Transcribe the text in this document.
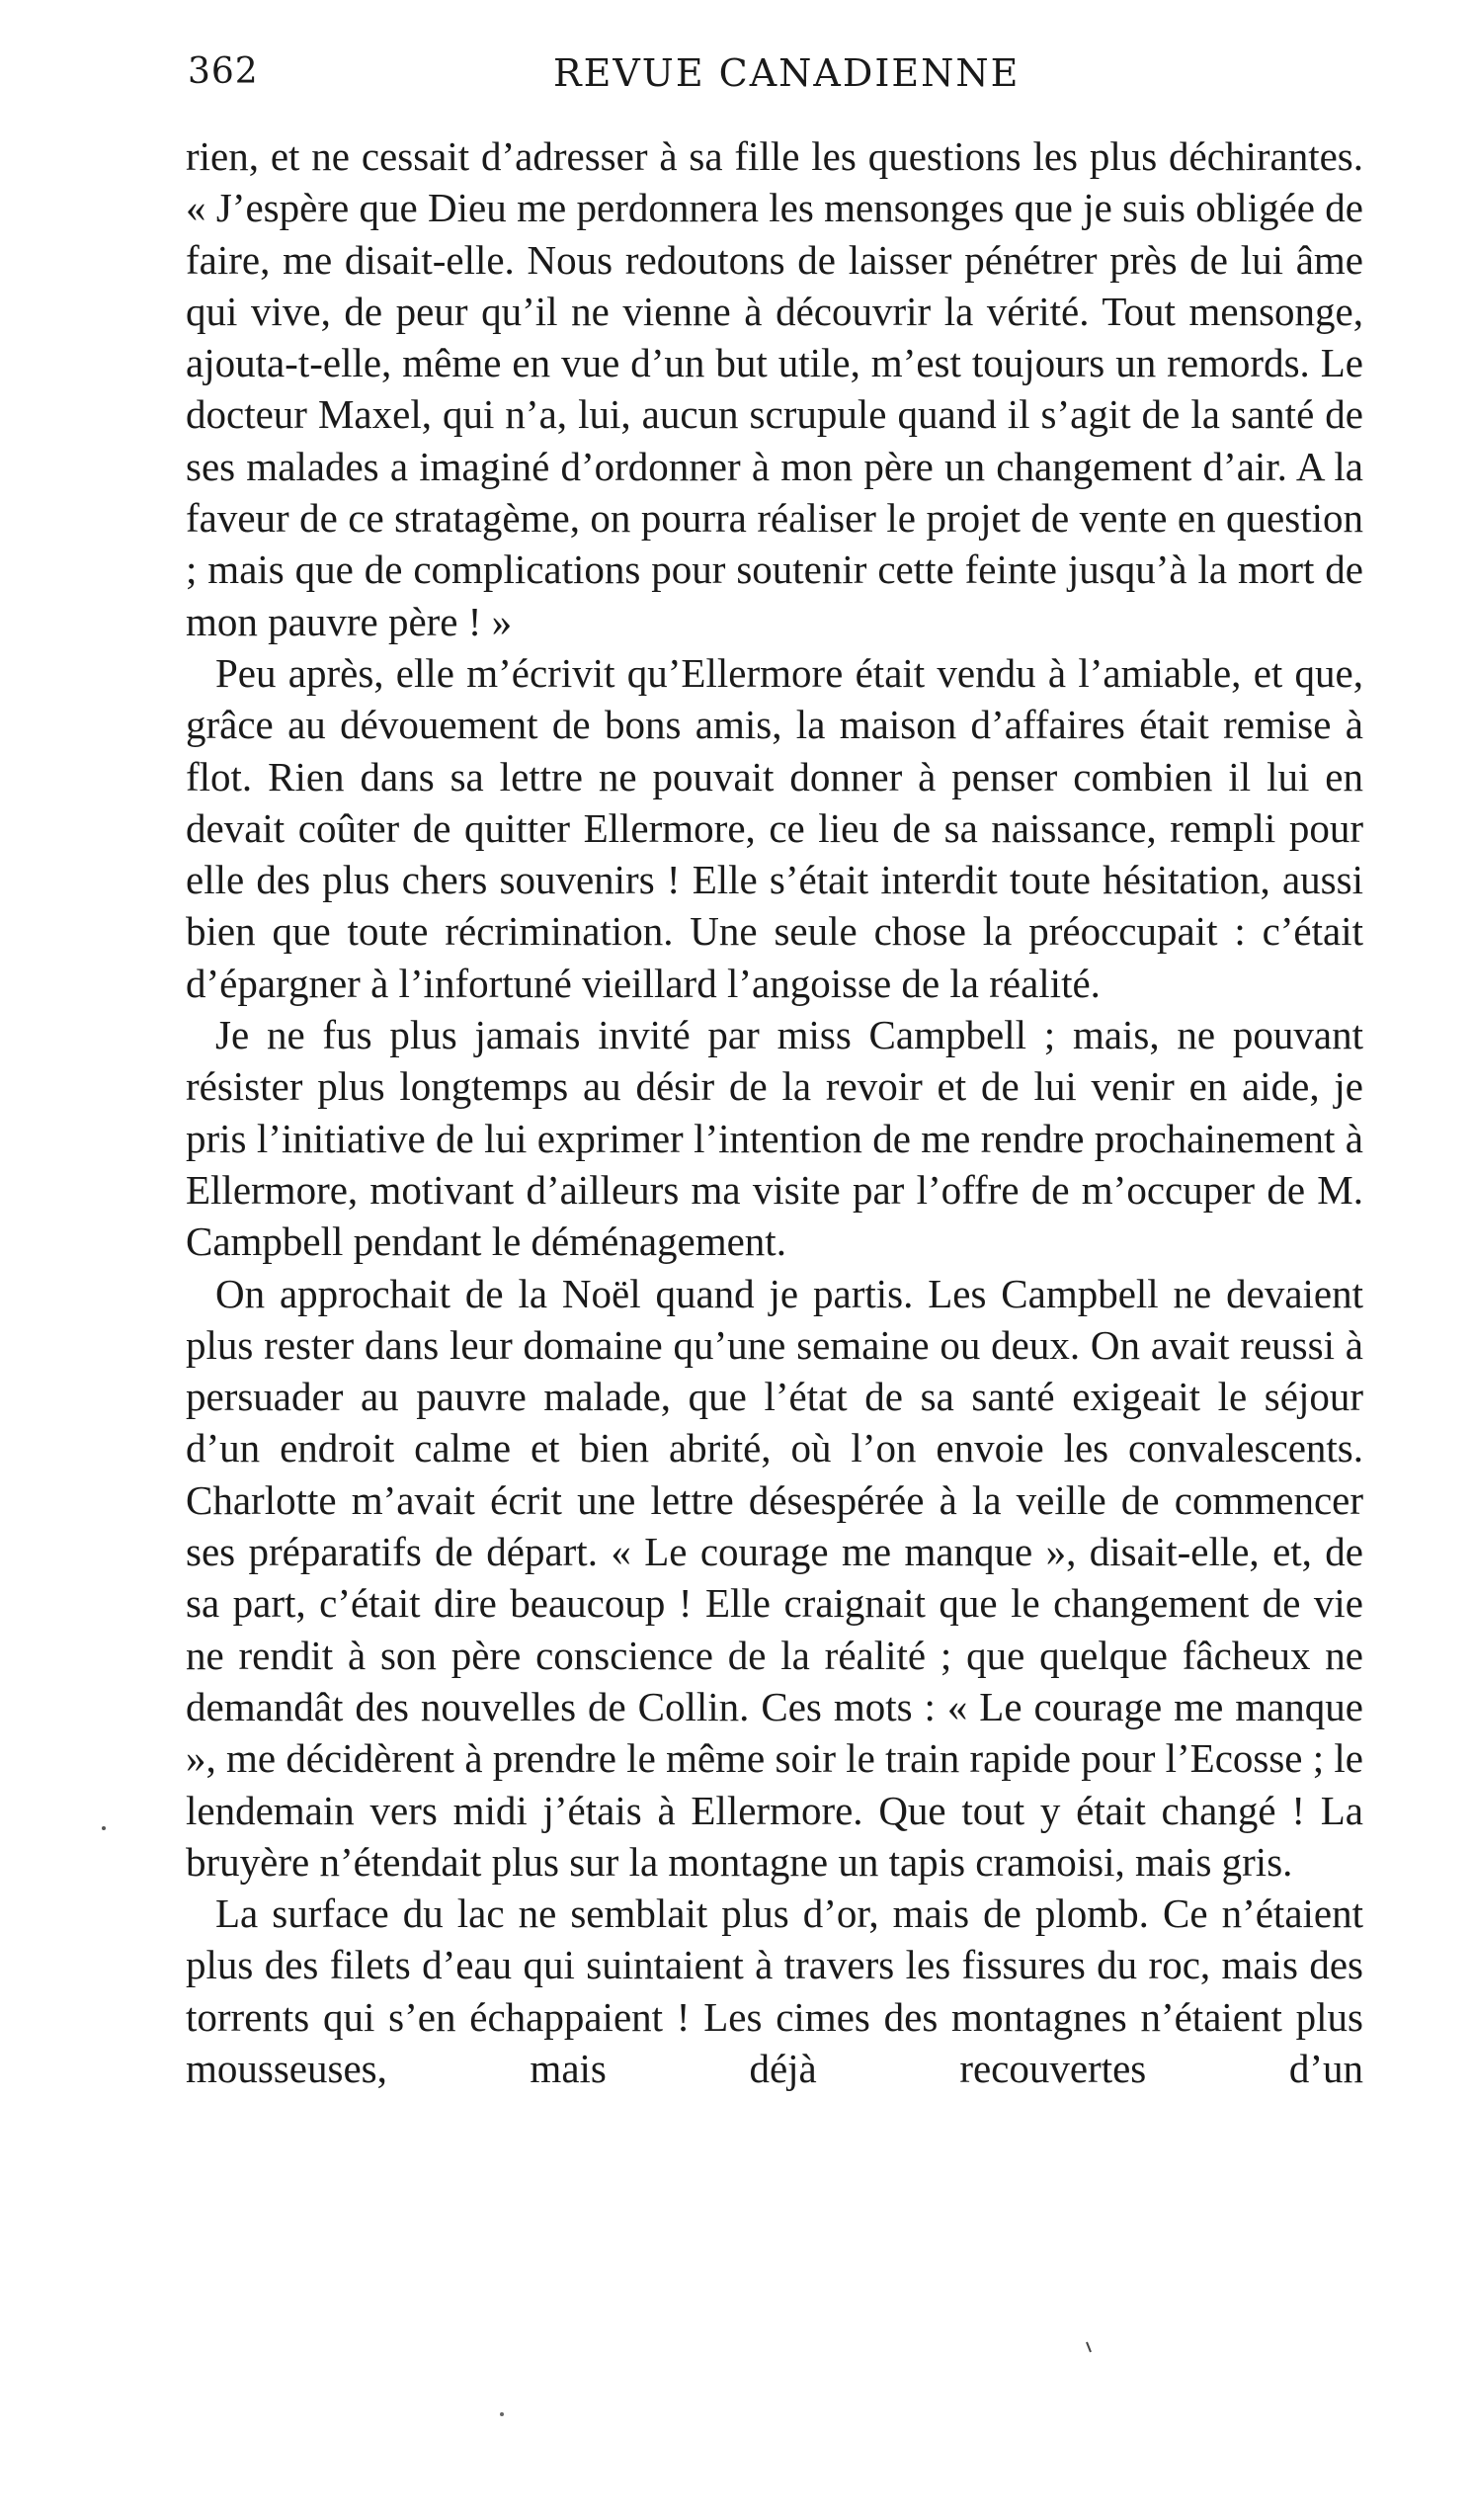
362	REVUE CANADIENNE

rien, et ne cessait d’adresser à sa fille les questions les plus déchirantes. « J’espère que Dieu me perdonnera les mensonges que je suis obligée de faire, me disait-elle. Nous redoutons de laisser pénétrer près de lui âme qui vive, de peur qu’il ne vienne à découvrir la vérité. Tout mensonge, ajouta-t-elle, même en vue d’un but utile, m’est toujours un remords. Le docteur Maxel, qui n’a, lui, aucun scrupule quand il s’agit de la santé de ses malades a imaginé d’ordonner à mon père un changement d’air. A la faveur de ce stratagème, on pourra réaliser le projet de vente en question ; mais que de complications pour soutenir cette feinte jusqu’à la mort de mon pauvre père ! »

Peu après, elle m’écrivit qu’Ellermore était vendu à l’amiable, et que, grâce au dévouement de bons amis, la maison d’affaires était remise à flot. Rien dans sa lettre ne pouvait donner à penser combien il lui en devait coûter de quitter Ellermore, ce lieu de sa naissance, rempli pour elle des plus chers souvenirs ! Elle s’était interdit toute hésitation, aussi bien que toute récrimination. Une seule chose la préoccupait : c’était d’épargner à l’infortuné vieillard l’angoisse de la réalité.

Je ne fus plus jamais invité par miss Campbell ; mais, ne pouvant résister plus longtemps au désir de la revoir et de lui venir en aide, je pris l’initiative de lui exprimer l’intention de me rendre prochainement à Ellermore, motivant d’ailleurs ma visite par l’offre de m’occuper de M. Campbell pendant le déménagement.

On approchait de la Noël quand je partis. Les Campbell ne devaient plus rester dans leur domaine qu’une semaine ou deux. On avait reussi à persuader au pauvre malade, que l’état de sa santé exigeait le séjour d’un endroit calme et bien abrité, où l’on envoie les convalescents. Charlotte m’avait écrit une lettre désespérée à la veille de commencer ses préparatifs de départ. « Le courage me manque », disait-elle, et, de sa part, c’était dire beaucoup ! Elle craignait que le changement de vie ne rendit à son père conscience de la réalité ; que quelque fâcheux ne demandât des nouvelles de Collin. Ces mots : « Le courage me manque », me décidèrent à prendre le même soir le train rapide pour l’Ecosse ; le lendemain vers midi j’étais à Ellermore. Que tout y était changé ! La bruyère n’étendait plus sur la montagne un tapis cramoisi, mais gris.

La surface du lac ne semblait plus d’or, mais de plomb. Ce n’étaient plus des filets d’eau qui suintaient à travers les fissures du roc, mais des torrents qui s’en échappaient ! Les cimes des montagnes n’étaient plus mousseuses, mais déjà recouvertes d’un
